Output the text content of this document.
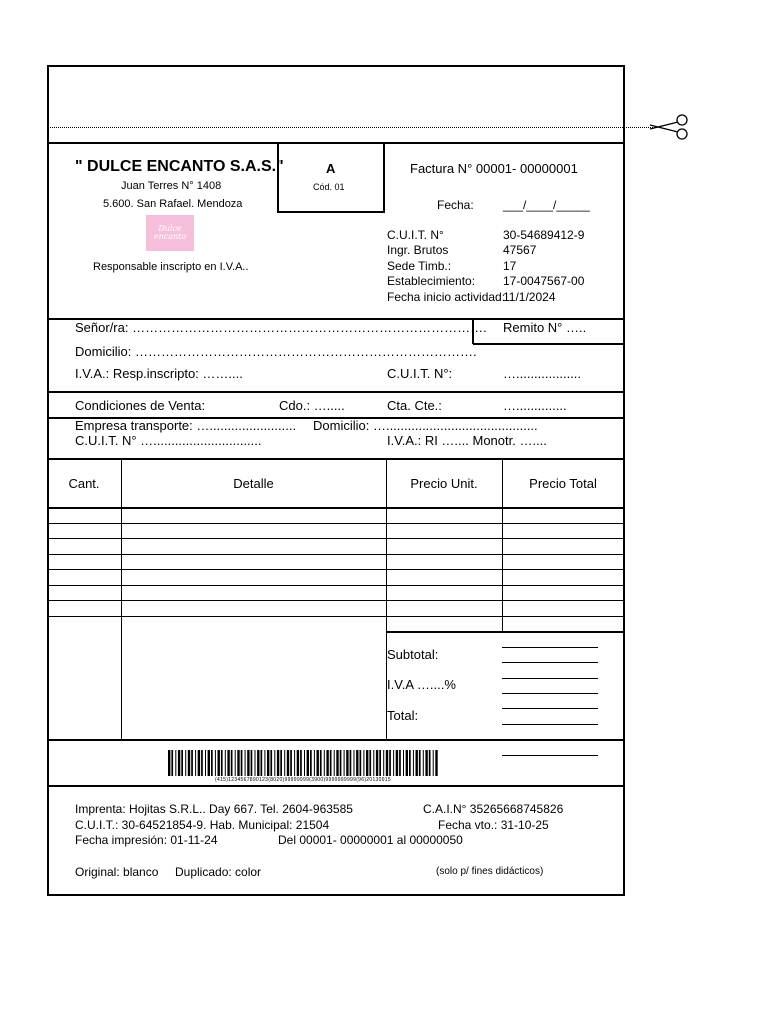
" DULCE ENCANTO S.A.S."
Juan Terres N° 1408
5.600. San Rafael. Mendoza
Dulce encanto
Responsable inscripto en I.V.A..
A
Cód. 01
Factura N° 00001- 00000001
Fecha: ___/____/_____
C.U.I.T. N°	30-54689412-9
Ingr. Brutos	47567
Sede Timb.:	17
Establecimiento: 17-0047567-00
Fecha inicio actividad:
11/1/2024
Señor/ra: ………………………………………………………………………. Remito N° …..
Domicilio: …………………………………………………………………….
I.V.A.: Resp.inscripto: ……....	C.U.I.T. N°:	…..................
Condiciones de Venta:	Cdo.: ….....	Cta. Cte.:	…..............
Empresa transporte: …........................ Domicilio: …..........................................
C.U.I.T. N° …..............................	I.V.A.: RI ….... Monotr. …....
Cant.	Detalle	Precio Unit.	Precio Total
Subtotal:
I.V.A …....%
Total:
(415)1234567890123(8020)99999999(3900)9999999999(96)20130915
Imprenta: Hojitas S.R.L.. Day 667. Tel. 2604-963585	C.A.I.N° 35265668745826
C.U.I.T.: 30-64521854-9. Hab. Municipal: 21504	Fecha vto.: 31-10-25
Fecha impresión: 01-11-24	Del 00001- 00000001 al 00000050
Original: blanco Duplicado: color	(solo p/ fines didácticos)
